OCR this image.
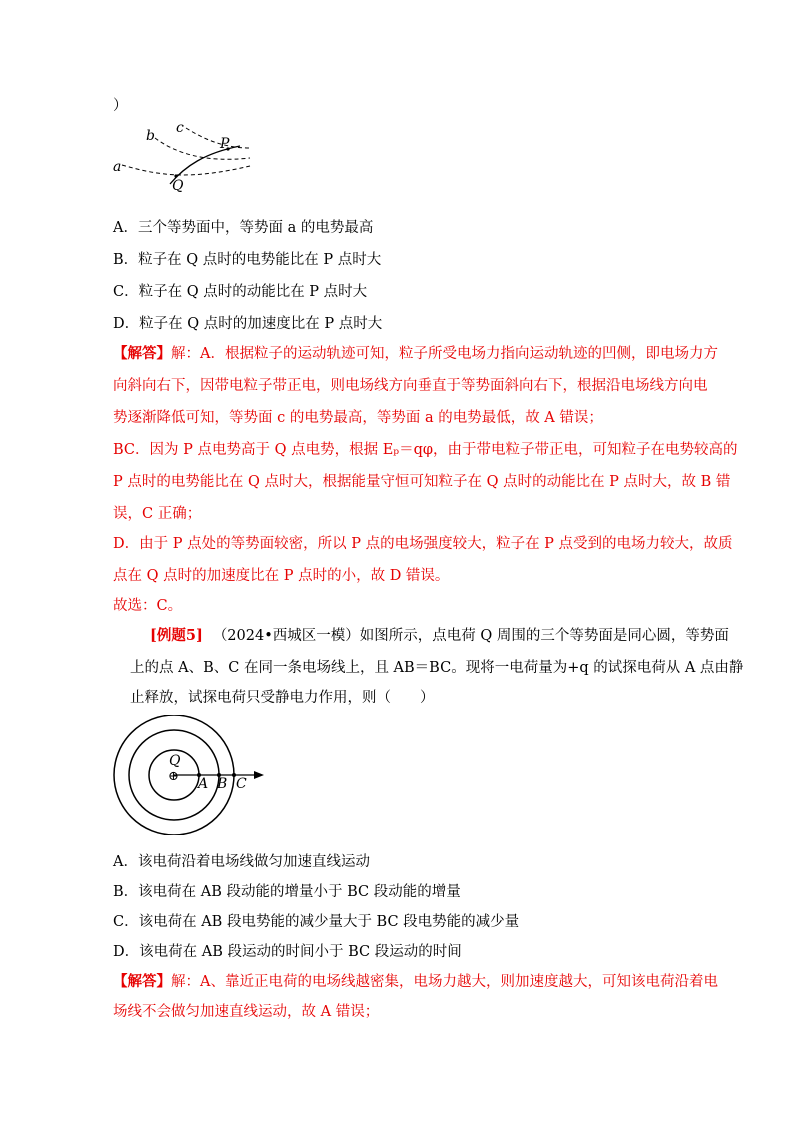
）
a
b c
P
Q
A．三个等势面中，等势面 a 的电势最高
B．粒子在 Q 点时的电势能比在 P 点时大
C．粒子在 Q 点时的动能比在 P 点时大
D．粒子在 Q 点时的加速度比在 P 点时大
【解答】解：A．根据粒子的运动轨迹可知，粒子所受电场力指向运动轨迹的凹侧，即电场力方
向斜向右下，因带电粒子带正电，则电场线方向垂直于等势面斜向右下，根据沿电场线方向电
势逐渐降低可知，等势面 c 的电势最高，等势面 a 的电势最低，故 A 错误；
BC．因为 P 点电势高于 Q 点电势，根据 Eₚ＝qφ，由于带电粒子带正电，可知粒子在电势较高的
P 点时的电势能比在 Q 点时大，根据能量守恒可知粒子在 Q 点时的动能比在 P 点时大，故 B 错
误，C 正确；
D．由于 P 点处的等势面较密，所以 P 点的电场强度较大，粒子在 P 点受到的电场力较大，故质
点在 Q 点时的加速度比在 P 点时的小，故 D 错误。
故选：C。
[例题5] （2024•西城区一模）如图所示，点电荷 Q 周围的三个等势面是同心圆，等势面
上的点 A、B、C 在同一条电场线上，且 AB＝BC。现将一电荷量为+q 的试探电荷从 A 点由静
止释放，试探电荷只受静电力作用，则（　　）
⊕
Q
A B C
A．该电荷沿着电场线做匀加速直线运动
B．该电荷在 AB 段动能的增量小于 BC 段动能的增量
C．该电荷在 AB 段电势能的减少量大于 BC 段电势能的减少量
D．该电荷在 AB 段运动的时间小于 BC 段运动的时间
【解答】解：A、靠近正电荷的电场线越密集，电场力越大，则加速度越大，可知该电荷沿着电
场线不会做匀加速直线运动，故 A 错误；
